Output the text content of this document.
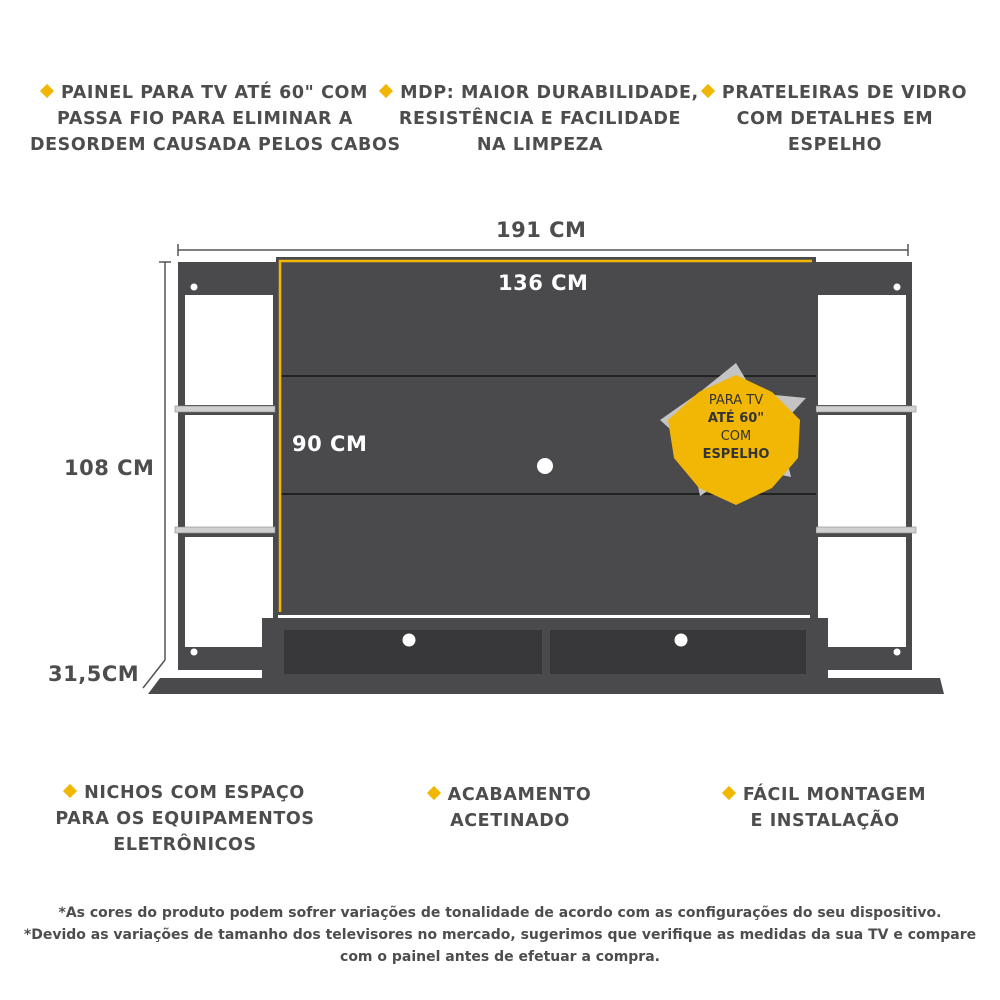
PAINEL PARA TV ATÉ 60" COM
PASSA FIO PARA ELIMINAR A
DESORDEM CAUSADA PELOS CABOS
MDP: MAIOR DURABILIDADE,
RESISTÊNCIA E FACILIDADE
NA LIMPEZA
PRATELEIRAS DE VIDRO
COM DETALHES EM
ESPELHO
PARA TV
ATÉ 60"
COM
ESPELHO
191 CM
136 CM
90 CM
108 CM
31,5CM
NICHOS COM ESPAÇO
PARA OS EQUIPAMENTOS
ELETRÔNICOS
ACABAMENTO
ACETINADO
FÁCIL MONTAGEM
E INSTALAÇÃO
*As cores do produto podem sofrer variações de tonalidade de acordo com as configurações do seu dispositivo.
*Devido as variações de tamanho dos televisores no mercado, sugerimos que verifique as medidas da sua TV e compare
com o painel antes de efetuar a compra.
